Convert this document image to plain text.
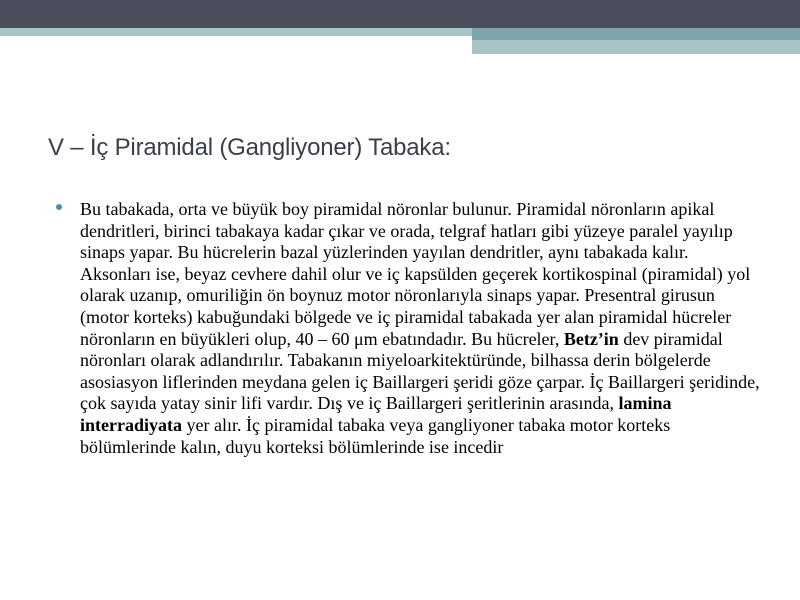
V – İç Piramidal (Gangliyoner) Tabaka:
Bu tabakada, orta ve büyük boy piramidal nöronlar bulunur. Piramidal nöronların apikal dendritleri, birinci tabakaya kadar çıkar ve orada, telgraf hatları gibi yüzeye paralel yayılıp sinaps yapar. Bu hücrelerin bazal yüzlerinden yayılan dendritler, aynı tabakada kalır. Aksonları ise, beyaz cevhere dahil olur ve iç kapsülden geçerek kortikospinal (piramidal) yol olarak uzanıp, omuriliğin ön boynuz motor nöronlarıyla sinaps yapar. Presentral girusun (motor korteks) kabuğundaki bölgede ve iç piramidal tabakada yer alan piramidal hücreler nöronların en büyükleri olup, 40 – 60 μm ebatındadır. Bu hücreler, Betz’in dev piramidal nöronları olarak adlandırılır. Tabakanın miyeloarkitektüründe, bilhassa derin bölgelerde asosiasyon liflerinden meydana gelen iç Baillargeri şeridi göze çarpar. İç Baillargeri şeridinde, çok sayıda yatay sinir lifi vardır. Dış ve iç Baillargeri şeritlerinin arasında, lamina interradiyata yer alır. İç piramidal tabaka veya gangliyoner tabaka motor korteks bölümlerinde kalın, duyu korteksi bölümlerinde ise incedir
